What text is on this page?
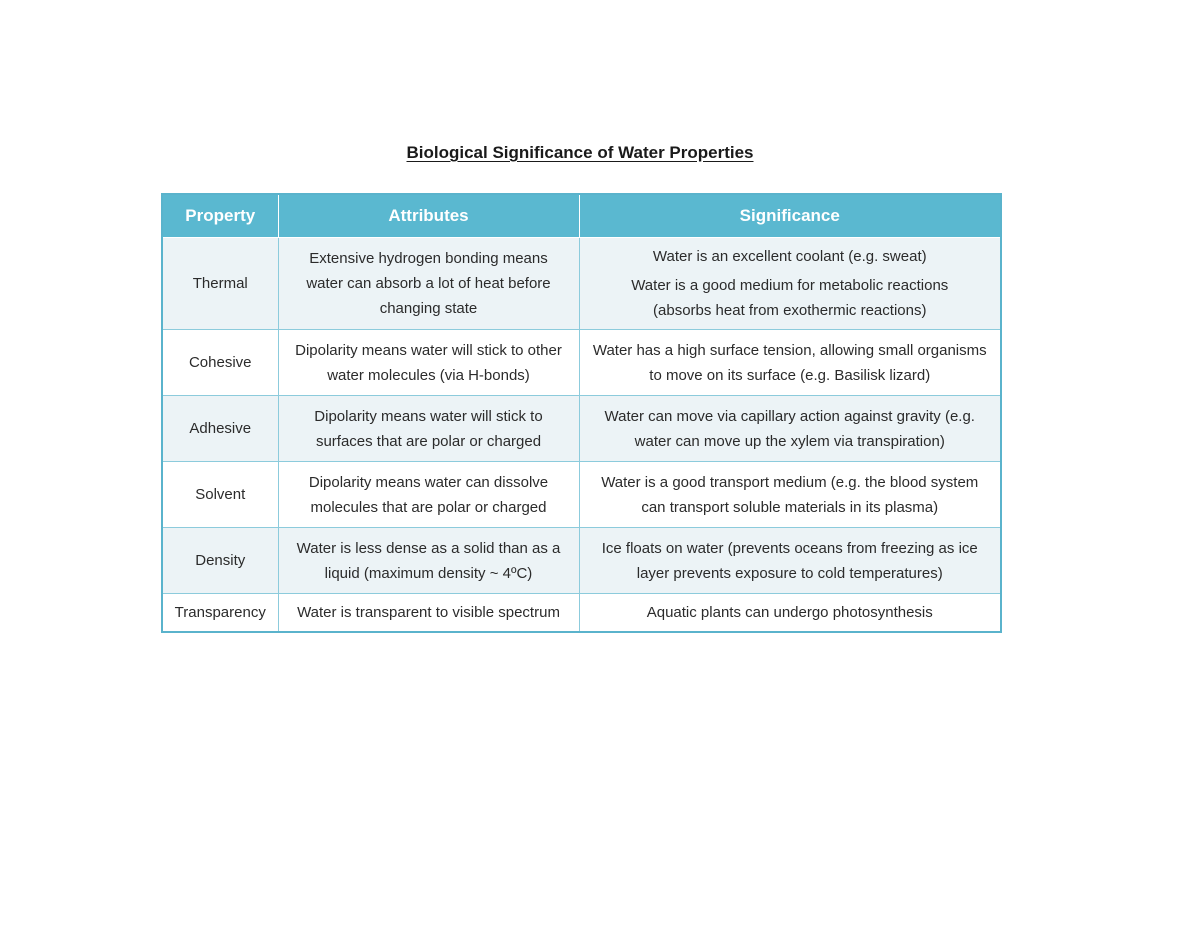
Biological Significance of Water Properties
Property	Attributes	Significance
Thermal	Extensive hydrogen bonding means water can absorb a lot of heat before changing state	Water is an excellent coolant (e.g. sweat)
Water is a good medium for metabolic reactions (absorbs heat from exothermic reactions)

Cohesive	Dipolarity means water will stick to other water molecules (via H-bonds)	Water has a high surface tension, allowing small organisms to move on its surface (e.g. Basilisk lizard)
Adhesive	Dipolarity means water will stick to surfaces that are polar or charged	Water can move via capillary action against gravity (e.g. water can move up the xylem via transpiration)
Solvent	Dipolarity means water can dissolve molecules that are polar or charged	Water is a good transport medium (e.g. the blood system can transport soluble materials in its plasma)
Density	Water is less dense as a solid than as a liquid (maximum density ~ 4ºC)	Ice floats on water (prevents oceans from freezing as ice layer prevents exposure to cold temperatures)
Transparency	Water is transparent to visible spectrum	Aquatic plants can undergo photosynthesis
